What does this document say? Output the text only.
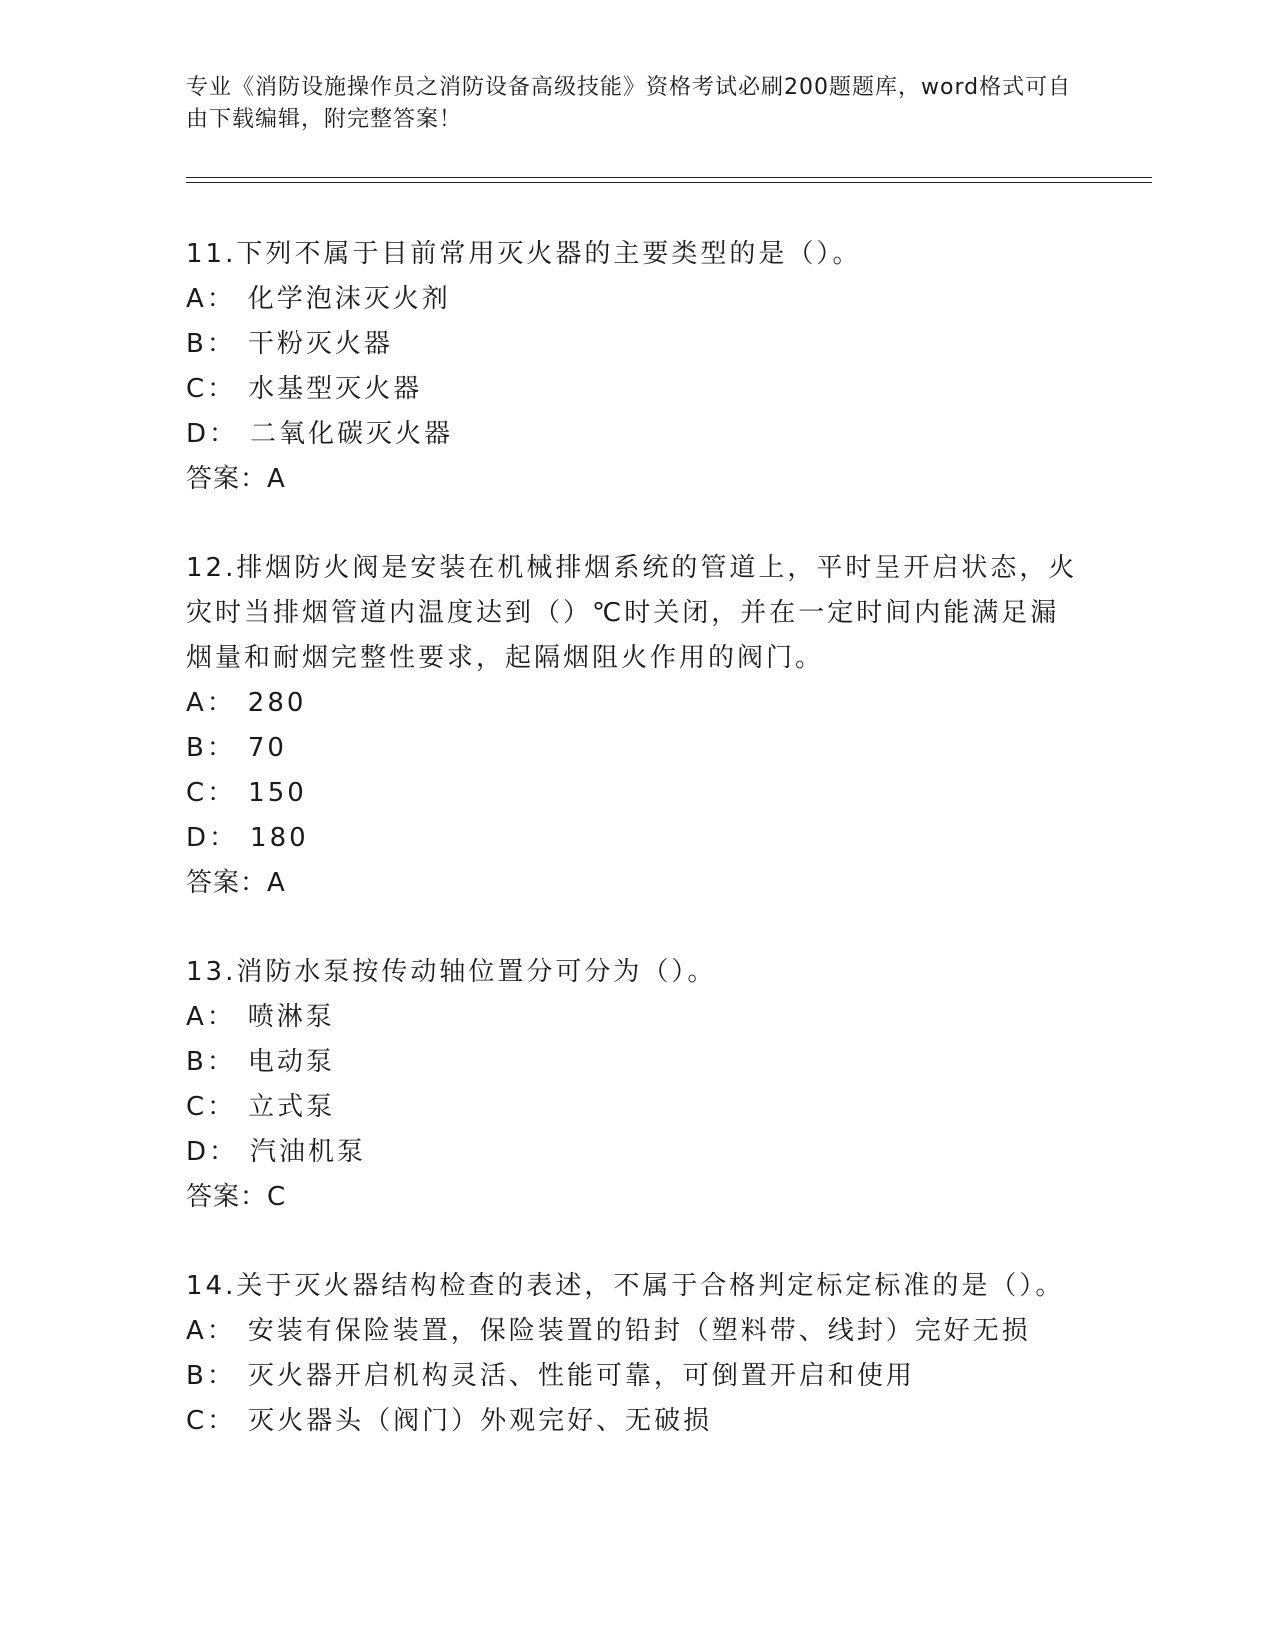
专业《消防设施操作员之消防设备高级技能》资格考试必刷200题题库，word格式可自由下载编辑，附完整答案！
11.下列不属于目前常用灭火器的主要类型的是（）。
A： 化学泡沫灭火剂
B： 干粉灭火器
C： 水基型灭火器
D： 二氧化碳灭火器
答案：A
12.排烟防火阀是安装在机械排烟系统的管道上，平时呈开启状态，火灾时当排烟管道内温度达到（）℃时关闭，并在一定时间内能满足漏烟量和耐烟完整性要求，起隔烟阻火作用的阀门。
A： 280
B： 70
C： 150
D： 180
答案：A
13.消防水泵按传动轴位置分可分为（）。
A： 喷淋泵
B： 电动泵
C： 立式泵
D： 汽油机泵
答案：C
14.关于灭火器结构检查的表述，不属于合格判定标定标准的是（）。
A： 安装有保险装置，保险装置的铅封（塑料带、线封）完好无损
B： 灭火器开启机构灵活、性能可靠，可倒置开启和使用
C： 灭火器头（阀门）外观完好、无破损
